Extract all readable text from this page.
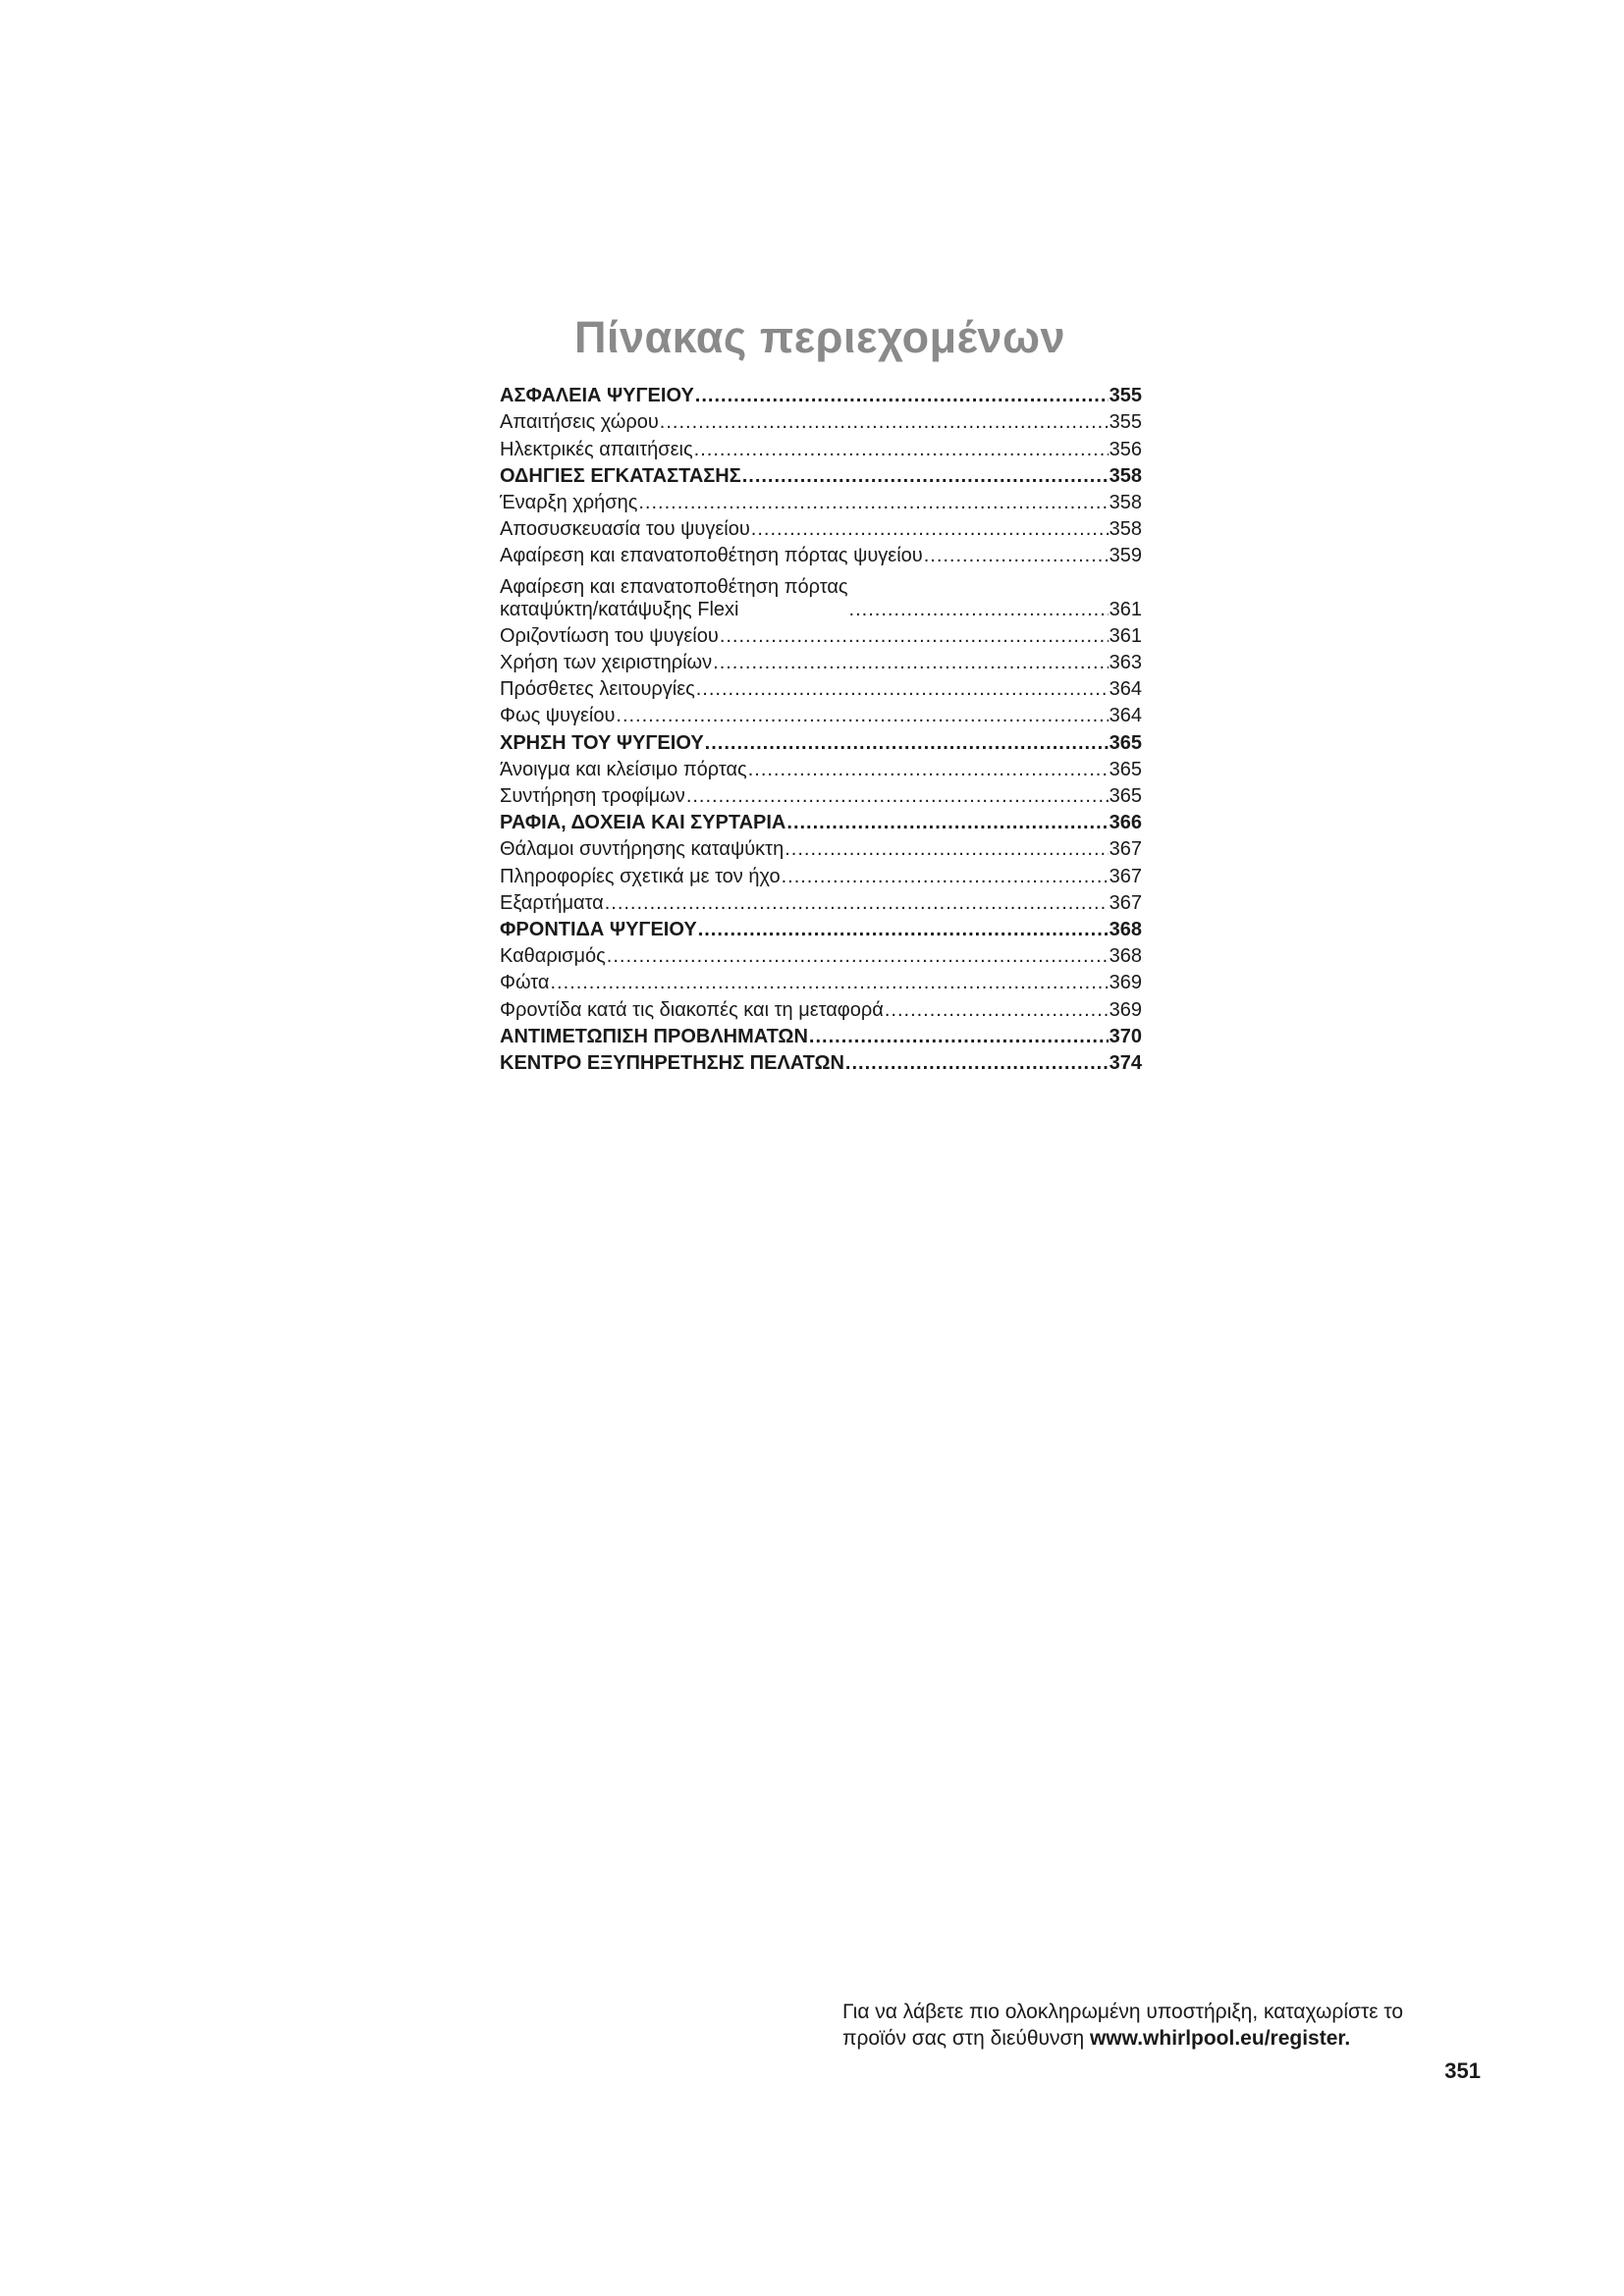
Πίνακας περιεχομένων
ΑΣΦΑΛΕΙΑ ΨΥΓΕΙΟΥ .....	355
Απαιτήσεις χώρου .....	355
Ηλεκτρικές απαιτήσεις .....	356
ΟΔΗΓΙΕΣ ΕΓΚΑΤΑΣΤΑΣΗΣ .....	358
Έναρξη χρήσης .....	358
Αποσυσκευασία του ψυγείου .....	358
Αφαίρεση και επανατοποθέτηση πόρτας ψυγείου .....	359
Αφαίρεση και επανατοποθέτηση πόρτας
καταψύκτη/κατάψυξης Flexi .....	361
Οριζοντίωση του ψυγείου .....	361
Χρήση των χειριστηρίων .....	363
Πρόσθετες λειτουργίες .....	364
Φως ψυγείου .....	364
ΧΡΗΣΗ ΤΟΥ ΨΥΓΕΙΟΥ .....	365
Άνοιγμα και κλείσιμο πόρτας .....	365
Συντήρηση τροφίμων .....	365
ΡΑΦΙΑ, ΔΟΧΕΙΑ ΚΑΙ ΣΥΡΤΑΡΙΑ .....	366
Θάλαμοι συντήρησης καταψύκτη .....	367
Πληροφορίες σχετικά με τον ήχο .....	367
Εξαρτήματα .....	367
ΦΡΟΝΤΙΔΑ ΨΥΓΕΙΟΥ .....	368
Καθαρισμός .....	368
Φώτα .....	369
Φροντίδα κατά τις διακοπές και τη μεταφορά .....	369
ΑΝΤΙΜΕΤΩΠΙΣΗ ΠΡΟΒΛΗΜΑΤΩΝ .....	370
ΚΕΝΤΡΟ ΕΞΥΠΗΡΕΤΗΣΗΣ ΠΕΛΑΤΩΝ .....	374

Για να λάβετε πιο ολοκληρωμένη υποστήριξη, καταχωρίστε το προϊόν σας στη διεύθυνση www.whirlpool.eu/register.

351
